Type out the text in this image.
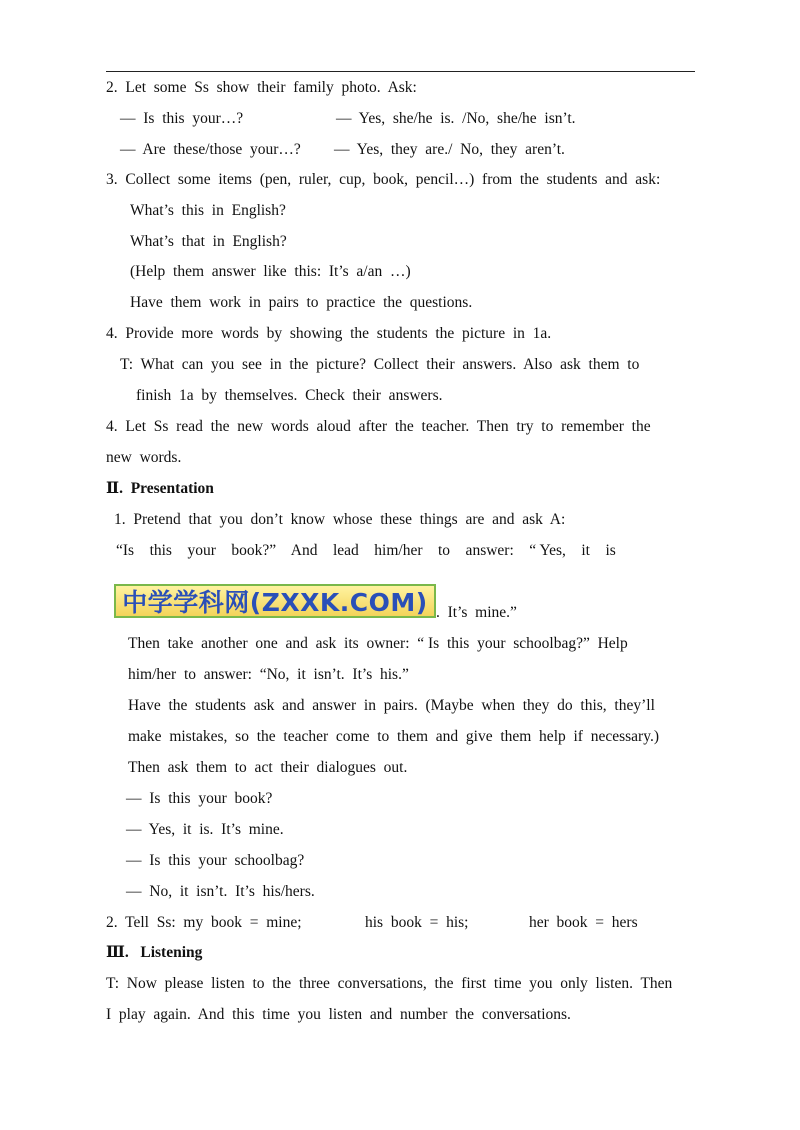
2.  Let  some  Ss  show  their  family  photo.  Ask:
—  Is  this  your…?	—  Yes,  she/he  is.  /No,  she/he  isn’t.
—  Are  these/those  your…? —  Yes,  they  are./  No,  they  aren’t.
3.  Collect  some  items  (pen,  ruler,  cup,  book,  pencil…)  from  the  students  and  ask:
What’s  this  in  English?
What’s  that  in  English?
(Help  them  answer  like  this:  It’s  a/an  …)
Have  them  work  in  pairs  to  practice  the  questions.
4.  Provide  more  words  by  showing  the  students  the  picture  in  1a.
T:  What  can  you  see  in  the  picture?  Collect  their  answers.  Also  ask  them  to
finish  1a  by  themselves.  Check  their  answers.
4.  Let  Ss  read  the  new  words  aloud  after  the  teacher.  Then  try  to  remember  the
new  words.
Ⅱ.  Presentation
1.  Pretend  that  you  don’t  know  whose  these  things  are  and  ask  A:
“Is    this    your    book?”    And    lead    him/her    to    answer:    “ Yes,    it    is
中学学科网(ZXXK.COM) .  It’s  mine.”
Then  take  another  one  and  ask  its  owner:  “ Is  this  your  schoolbag?”  Help
him/her  to  answer:  “No,  it  isn’t.  It’s  his.”
Have  the  students  ask  and  answer  in  pairs.  (Maybe  when  they  do  this,  they’ll
make  mistakes,  so  the  teacher  come  to  them  and  give  them  help  if  necessary.)
Then  ask  them  to  act  their  dialogues  out.
—  Is  this  your  book?
—  Yes,  it  is.  It’s  mine.
—  Is  this  your  schoolbag?
—  No,  it  isn’t.  It’s  his/hers.
2.  Tell  Ss:  my  book  =  mine;	his  book  =  his;	her  book  =  hers
Ⅲ.   Listening
T:  Now  please  listen  to  the  three  conversations,  the  first  time  you  only  listen.  Then
I  play  again.  And  this  time  you  listen  and  number  the  conversations.
